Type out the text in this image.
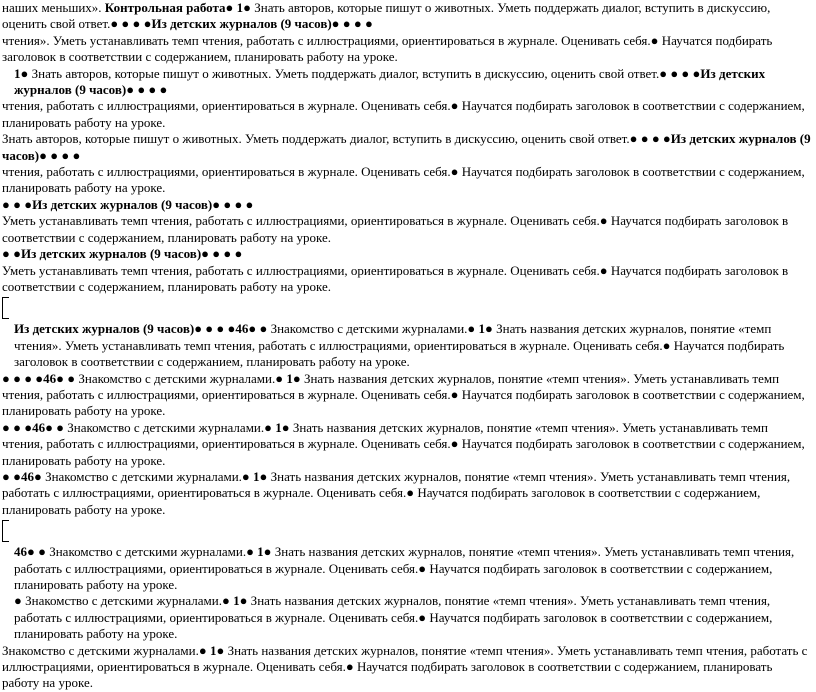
наших меньших». Контрольная работа● 1● Знать авторов, которые пишут о животных. Уметь поддержать диалог, вступить в дискуссию, оценить свой ответ.● ● ● ●Из детских журналов (9 часов)● ● ● ●

чтения». Уметь устанавливать темп чтения, работать с иллюстрациями, ориентироваться в журнале. Оценивать себя.● Научатся подбирать заголовок в соответствии с содержанием, планировать работу на уроке.

1● Знать авторов, которые пишут о животных. Уметь поддержать диалог, вступить в дискуссию, оценить свой ответ.● ● ● ●Из детских журналов (9 часов)● ● ● ●

чтения, работать с иллюстрациями, ориентироваться в журнале. Оценивать себя.● Научатся подбирать заголовок в соответствии с содержанием, планировать работу на уроке.

Знать авторов, которые пишут о животных. Уметь поддержать диалог, вступить в дискуссию, оценить свой ответ.● ● ● ●Из детских журналов (9 часов)● ● ● ●

чтения, работать с иллюстрациями, ориентироваться в журнале. Оценивать себя.● Научатся подбирать заголовок в соответствии с содержанием, планировать работу на уроке.

● ● ●Из детских журналов (9 часов)● ● ● ●

Уметь устанавливать темп чтения, работать с иллюстрациями, ориентироваться в журнале. Оценивать себя.● Научатся подбирать заголовок в соответствии с содержанием, планировать работу на уроке.

● ●Из детских журналов (9 часов)● ● ● ●

Уметь устанавливать темп чтения, работать с иллюстрациями, ориентироваться в журнале. Оценивать себя.● Научатся подбирать заголовок в соответствии с содержанием, планировать работу на уроке.

Из детских журналов (9 часов)● ● ● ●46● ● Знакомство с детскими журналами.● 1● Знать названия детских журналов, понятие «темп чтения». Уметь устанавливать темп чтения, работать с иллюстрациями, ориентироваться в журнале. Оценивать себя.● Научатся подбирать заголовок в соответствии с содержанием, планировать работу на уроке.

● ● ● ●46● ● Знакомство с детскими журналами.● 1● Знать названия детских журналов, понятие «темп чтения». Уметь устанавливать темп чтения, работать с иллюстрациями, ориентироваться в журнале. Оценивать себя.● Научатся подбирать заголовок в соответствии с содержанием, планировать работу на уроке.

● ● ●46● ● Знакомство с детскими журналами.● 1● Знать названия детских журналов, понятие «темп чтения». Уметь устанавливать темп чтения, работать с иллюстрациями, ориентироваться в журнале. Оценивать себя.● Научатся подбирать заголовок в соответствии с содержанием, планировать работу на уроке.

● ●46● Знакомство с детскими журналами.● 1● Знать названия детских журналов, понятие «темп чтения». Уметь устанавливать темп чтения, работать с иллюстрациями, ориентироваться в журнале. Оценивать себя.● Научатся подбирать заголовок в соответствии с содержанием, планировать работу на уроке.

46● ● Знакомство с детскими журналами.● 1● Знать названия детских журналов, понятие «темп чтения». Уметь устанавливать темп чтения, работать с иллюстрациями, ориентироваться в журнале. Оценивать себя.● Научатся подбирать заголовок в соответствии с содержанием, планировать работу на уроке.

● Знакомство с детскими журналами.● 1● Знать названия детских журналов, понятие «темп чтения». Уметь устанавливать темп чтения, работать с иллюстрациями, ориентироваться в журнале. Оценивать себя.● Научатся подбирать заголовок в соответствии с содержанием, планировать работу на уроке.

Знакомство с детскими журналами.● 1● Знать названия детских журналов, понятие «темп чтения». Уметь устанавливать темп чтения, работать с иллюстрациями, ориентироваться в журнале. Оценивать себя.● Научатся подбирать заголовок в соответствии с содержанием, планировать работу на уроке.
